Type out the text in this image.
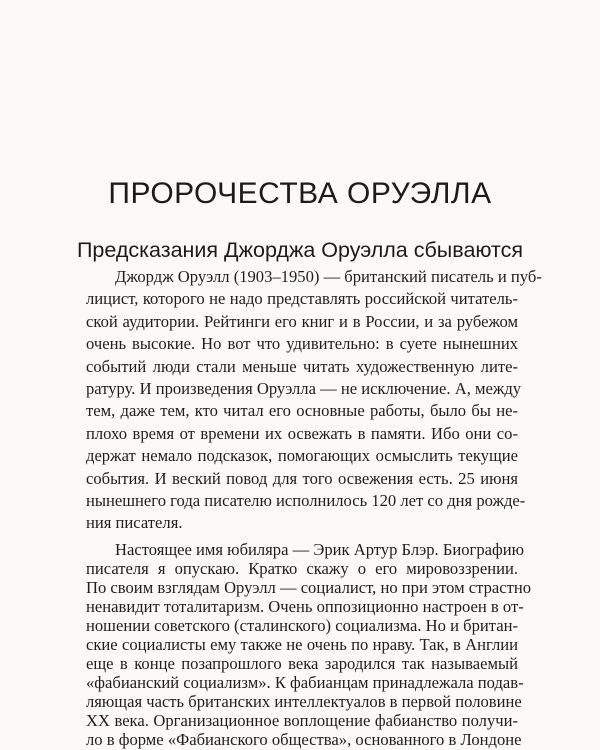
ПРОРОЧЕСТВА ОРУЭЛЛА
Предсказания Джорджа Оруэлла сбываются
Джордж Оруэлл (1903–1950) — британский писатель и пуб-
лицист, которого не надо представлять российской читатель-
ской аудитории. Рейтинги его книг и в России, и за рубежом
очень высокие. Но вот что удивительно: в суете нынешних
событий люди стали меньше читать художественную лите-
ратуру. И произведения Оруэлла — не исключение. А, между
тем, даже тем, кто читал его основные работы, было бы не-
плохо время от времени их освежать в памяти. Ибо они со-
держат немало подсказок, помогающих осмыслить текущие
события. И веский повод для того освежения есть. 25 июня
нынешнего года писателю исполнилось 120 лет со дня рожде-
ния писателя.
Настоящее имя юбиляра — Эрик Артур Блэр. Биографию
писателя я опускаю. Кратко скажу о его мировоззрении.
По своим взглядам Оруэлл — социалист, но при этом страстно
ненавидит тоталитаризм. Очень оппозиционно настроен в от-
ношении советского (сталинского) социализма. Но и британ-
ские социалисты ему также не очень по нраву. Так, в Англии
еще в конце позапрошлого века зародился так называемый
«фабианский социализм». К фабианцам принадлежала подав-
ляющая часть британских интеллектуалов в первой половине
XX века. Организационное воплощение фабианство получи-
ло в форме «Фабианского общества», основанного в Лондоне
